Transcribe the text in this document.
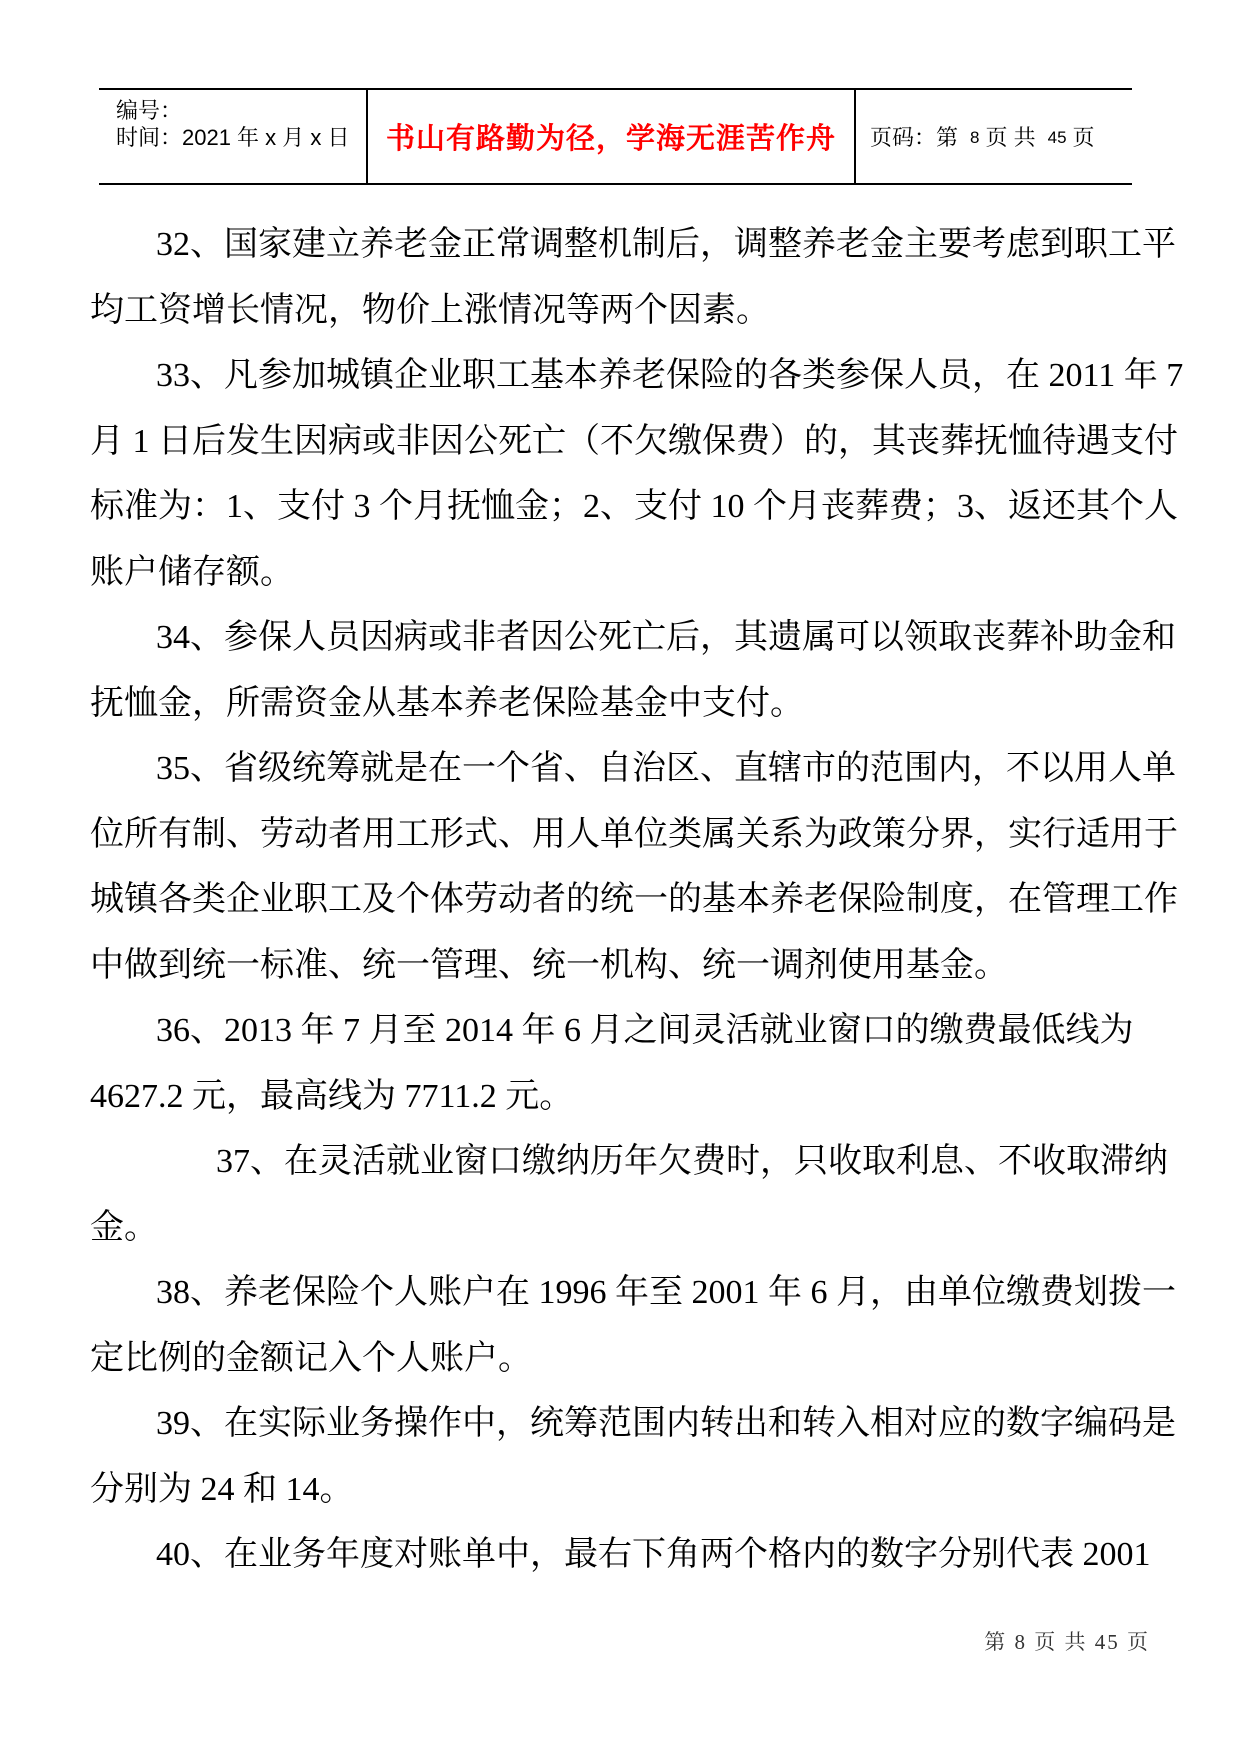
编号：
时间：2021 年 x 月 x 日	书山有路勤为径，学海无涯苦作舟 页码：第 8 页 共 45 页
32、国家建立养老金正常调整机制后，调整养老金主要考虑到职工平
均工资增长情况，物价上涨情况等两个因素。
33、凡参加城镇企业职工基本养老保险的各类参保人员，在 2011 年 7
月 1 日后发生因病或非因公死亡（不欠缴保费）的，其丧葬抚恤待遇支付
标准为：1、支付 3 个月抚恤金；2、支付 10 个月丧葬费；3、返还其个人
账户储存额。
34、参保人员因病或非者因公死亡后，其遗属可以领取丧葬补助金和
抚恤金，所需资金从基本养老保险基金中支付。
35、省级统筹就是在一个省、自治区、直辖市的范围内，不以用人单
位所有制、劳动者用工形式、用人单位类属关系为政策分界，实行适用于
城镇各类企业职工及个体劳动者的统一的基本养老保险制度，在管理工作
中做到统一标准、统一管理、统一机构、统一调剂使用基金。
36、2013 年 7 月至 2014 年 6 月之间灵活就业窗口的缴费最低线为
4627.2 元，最高线为 7711.2 元。
37、在灵活就业窗口缴纳历年欠费时，只收取利息、不收取滞纳
金。
38、养老保险个人账户在 1996 年至 2001 年 6 月，由单位缴费划拨一
定比例的金额记入个人账户。
39、在实际业务操作中，统筹范围内转出和转入相对应的数字编码是
分别为 24 和 14。
40、在业务年度对账单中，最右下角两个格内的数字分别代表 2001
第 8 页 共 45 页
